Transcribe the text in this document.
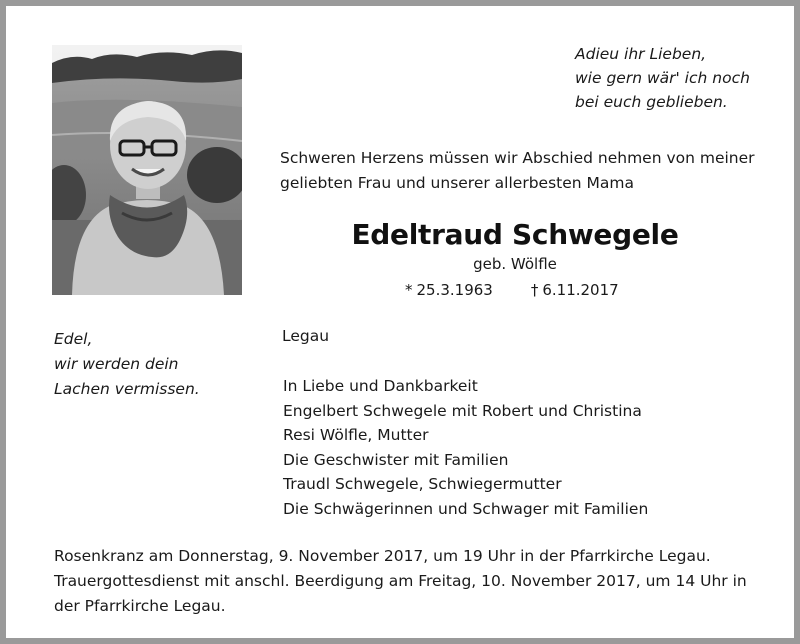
Adieu ihr Lieben,
wie gern wär' ich noch
bei euch geblieben.
Schweren Herzens müssen wir Abschied nehmen von meiner
geliebten Frau und unserer allerbesten Mama
Edeltraud Schwegele
geb. Wölfle
* 25.3.1963	† 6.11.2017
Edel,
wir werden dein
Lachen vermissen.
Legau
In Liebe und Dankbarkeit
Engelbert Schwegele mit Robert und Christina
Resi Wölfle, Mutter
Die Geschwister mit Familien
Traudl Schwegele, Schwiegermutter
Die Schwägerinnen und Schwager mit Familien
Rosenkranz am Donnerstag, 9. November 2017, um 19 Uhr in der Pfarrkirche Legau.
Trauergottesdienst mit anschl. Beerdigung am Freitag, 10. November 2017, um 14 Uhr in
der Pfarrkirche Legau.
